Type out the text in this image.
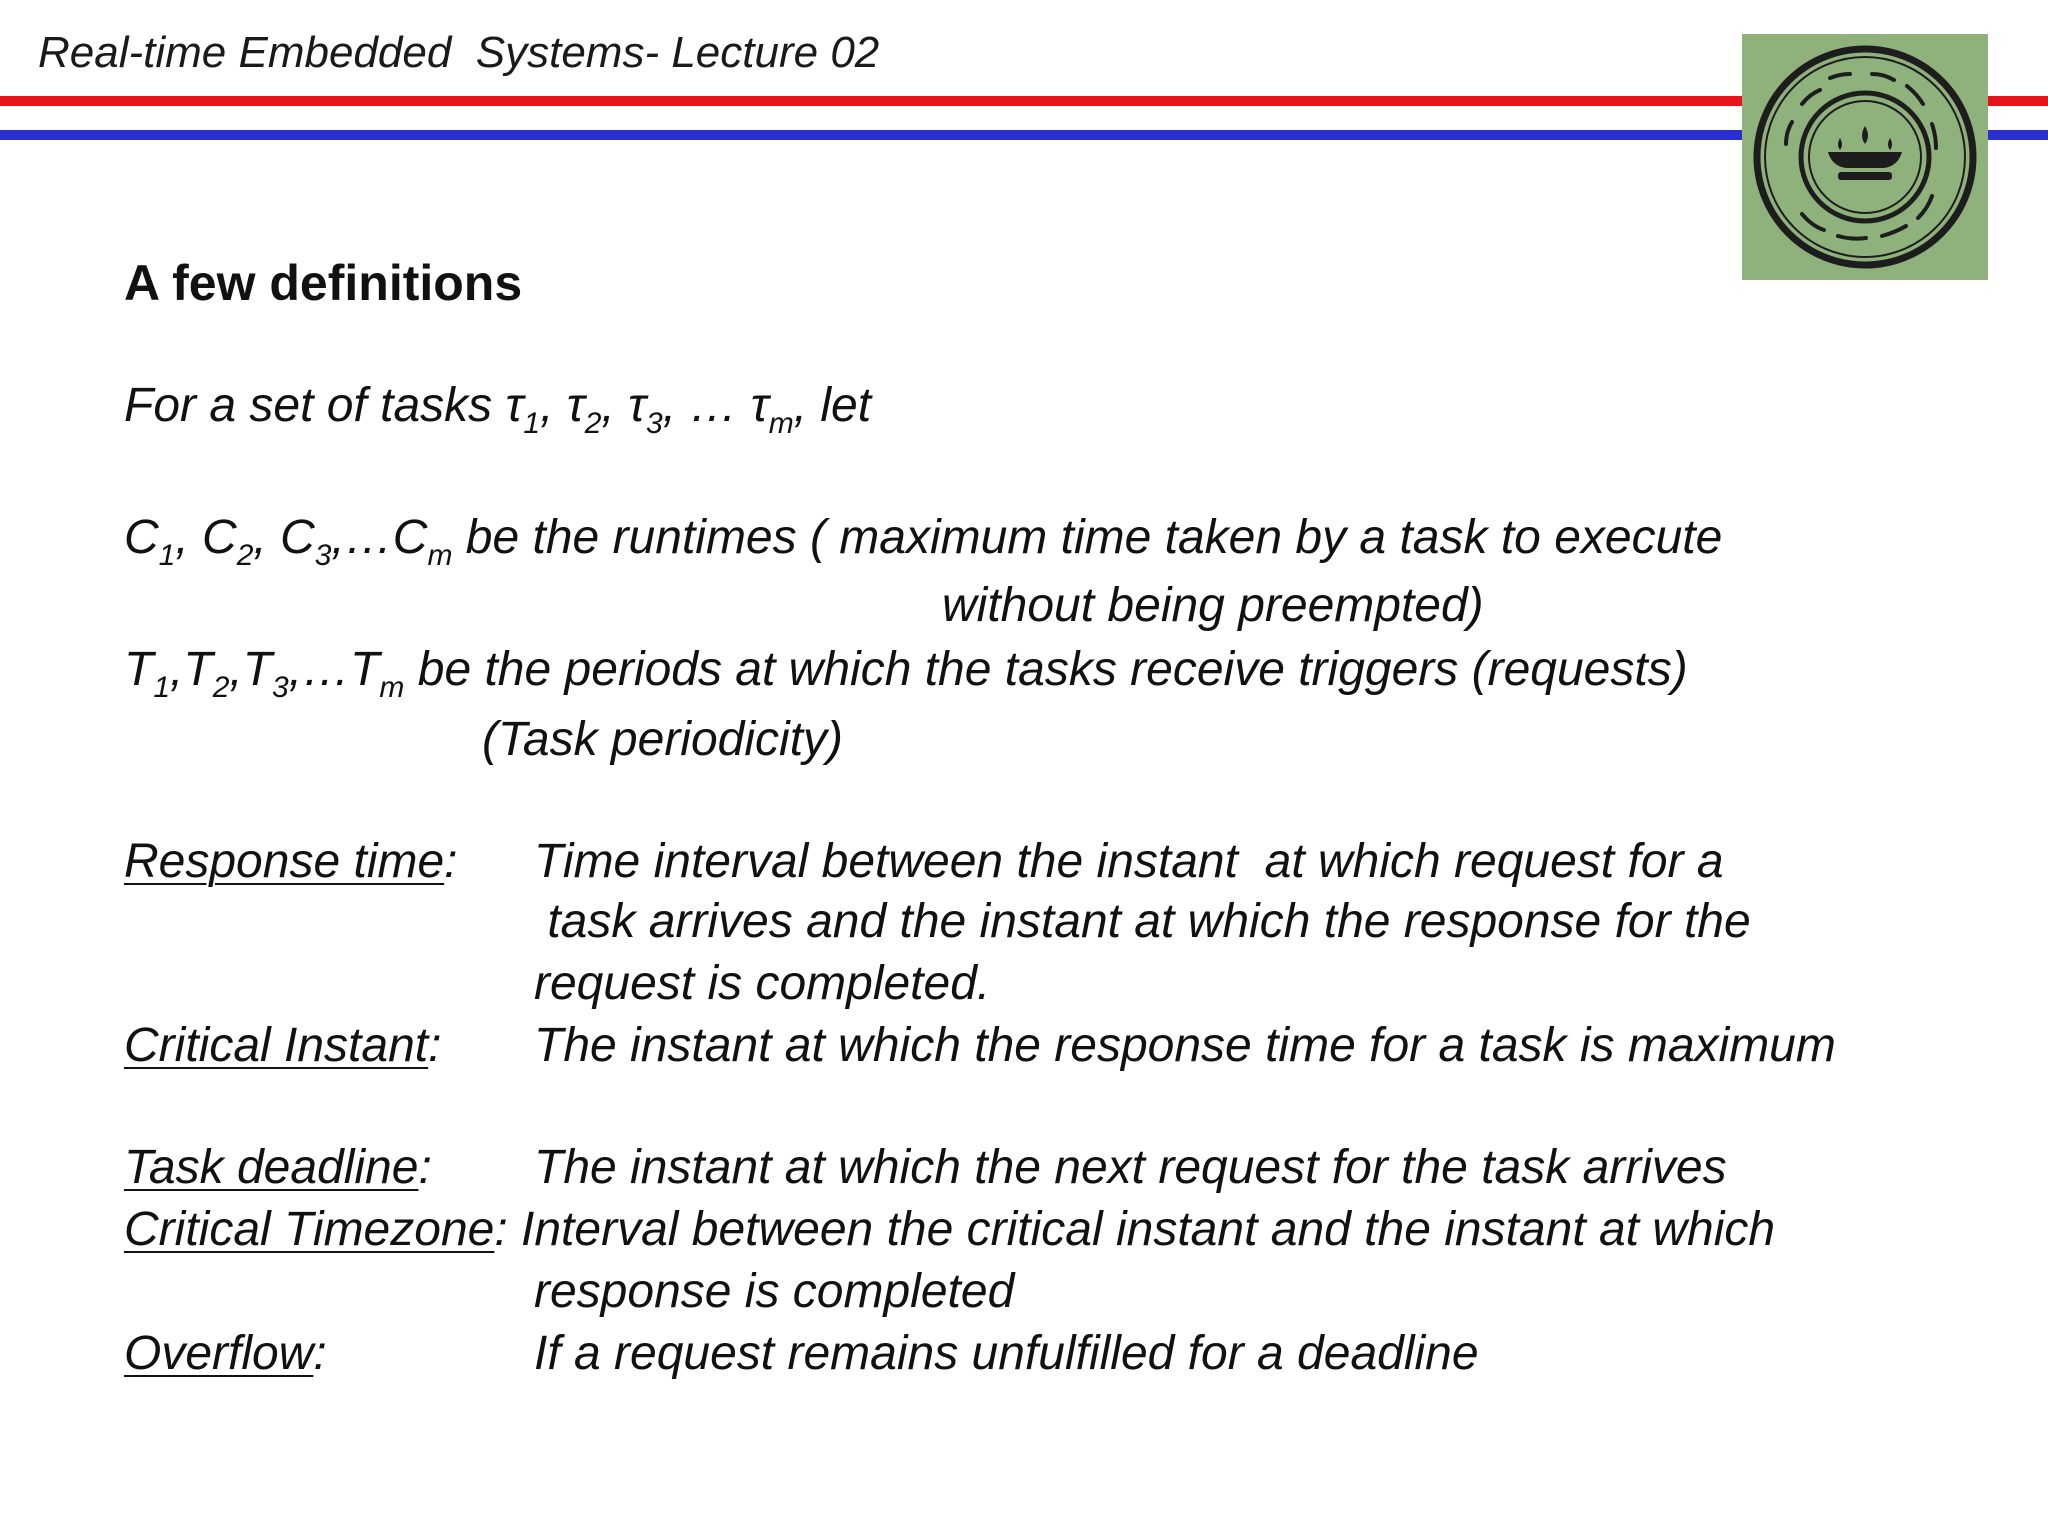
Real-time Embedded  Systems- Lecture 02
A few definitions
For a set of tasks $\tau_1$, $\tau_2$, $\tau_3$, … $\tau_m$, let
$C_1$, $C_2$, $C_3,\dots C_m$ be the runtimes ( maximum time taken by a task to execute
without being preempted)
$T_1,T_2,T_3,\dots T_m$ be the periods at which the tasks receive triggers (requests)
(Task periodicity)
Response time: Time interval between the instant  at which request for a
task arrives and the instant at which the response for the
request is completed.
Critical Instant: The instant at which the response time for a task is maximum
Task deadline: The instant at which the next request for the task arrives
Critical Timezone: Interval between the critical instant and the instant at which
response is completed
Overflow:	If a request remains unfulfilled for a deadline
